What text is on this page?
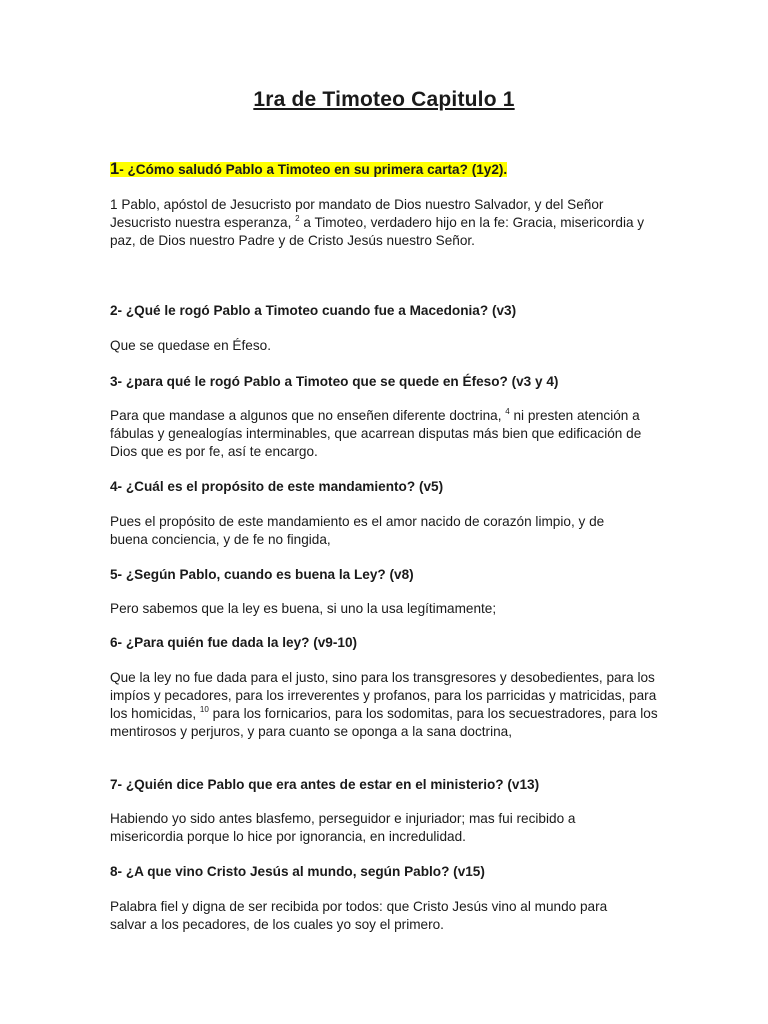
1ra de Timoteo Capitulo 1
1- ¿Cómo saludó Pablo a Timoteo en su primera carta? (1y2).

1 Pablo, apóstol de Jesucristo por mandato de Dios nuestro Salvador, y del Señor Jesucristo nuestra esperanza, $^2$ a Timoteo, verdadero hijo en la fe: Gracia, misericordia y paz, de Dios nuestro Padre y de Cristo Jesús nuestro Señor.

2- ¿Qué le rogó Pablo a Timoteo cuando fue a Macedonia? (v3)
Que se quedase en Éfeso.
3- ¿para qué le rogó Pablo a Timoteo que se quede en Éfeso? (v3 y 4)

Para que mandase a algunos que no enseñen diferente doctrina, $^4$ ni presten atención a fábulas y genealogías interminables, que acarrean disputas más bien que edificación de Dios que es por fe, así te encargo.

4- ¿Cuál es el propósito de este mandamiento? (v5)
Pues el propósito de este mandamiento es el amor nacido de corazón limpio, y de buena conciencia, y de fe no fingida,
5- ¿Según Pablo, cuando es buena la Ley? (v8)
Pero sabemos que la ley es buena, si uno la usa legítimamente;
6- ¿Para quién fue dada la ley? (v9-10)

Que la ley no fue dada para el justo, sino para los transgresores y desobedientes, para los impíos y pecadores, para los irreverentes y profanos, para los parricidas y matricidas, para los homicidas, $^{10}$ para los fornicarios, para los sodomitas, para los secuestradores, para los mentirosos y perjuros, y para cuanto se oponga a la sana doctrina,

7- ¿Quién dice Pablo que era antes de estar en el ministerio? (v13)
Habiendo yo sido antes blasfemo, perseguidor e injuriador; mas fui recibido a misericordia porque lo hice por ignorancia, en incredulidad.
8- ¿A que vino Cristo Jesús al mundo, según Pablo? (v15)
Palabra fiel y digna de ser recibida por todos: que Cristo Jesús vino al mundo para salvar a los pecadores, de los cuales yo soy el primero.
